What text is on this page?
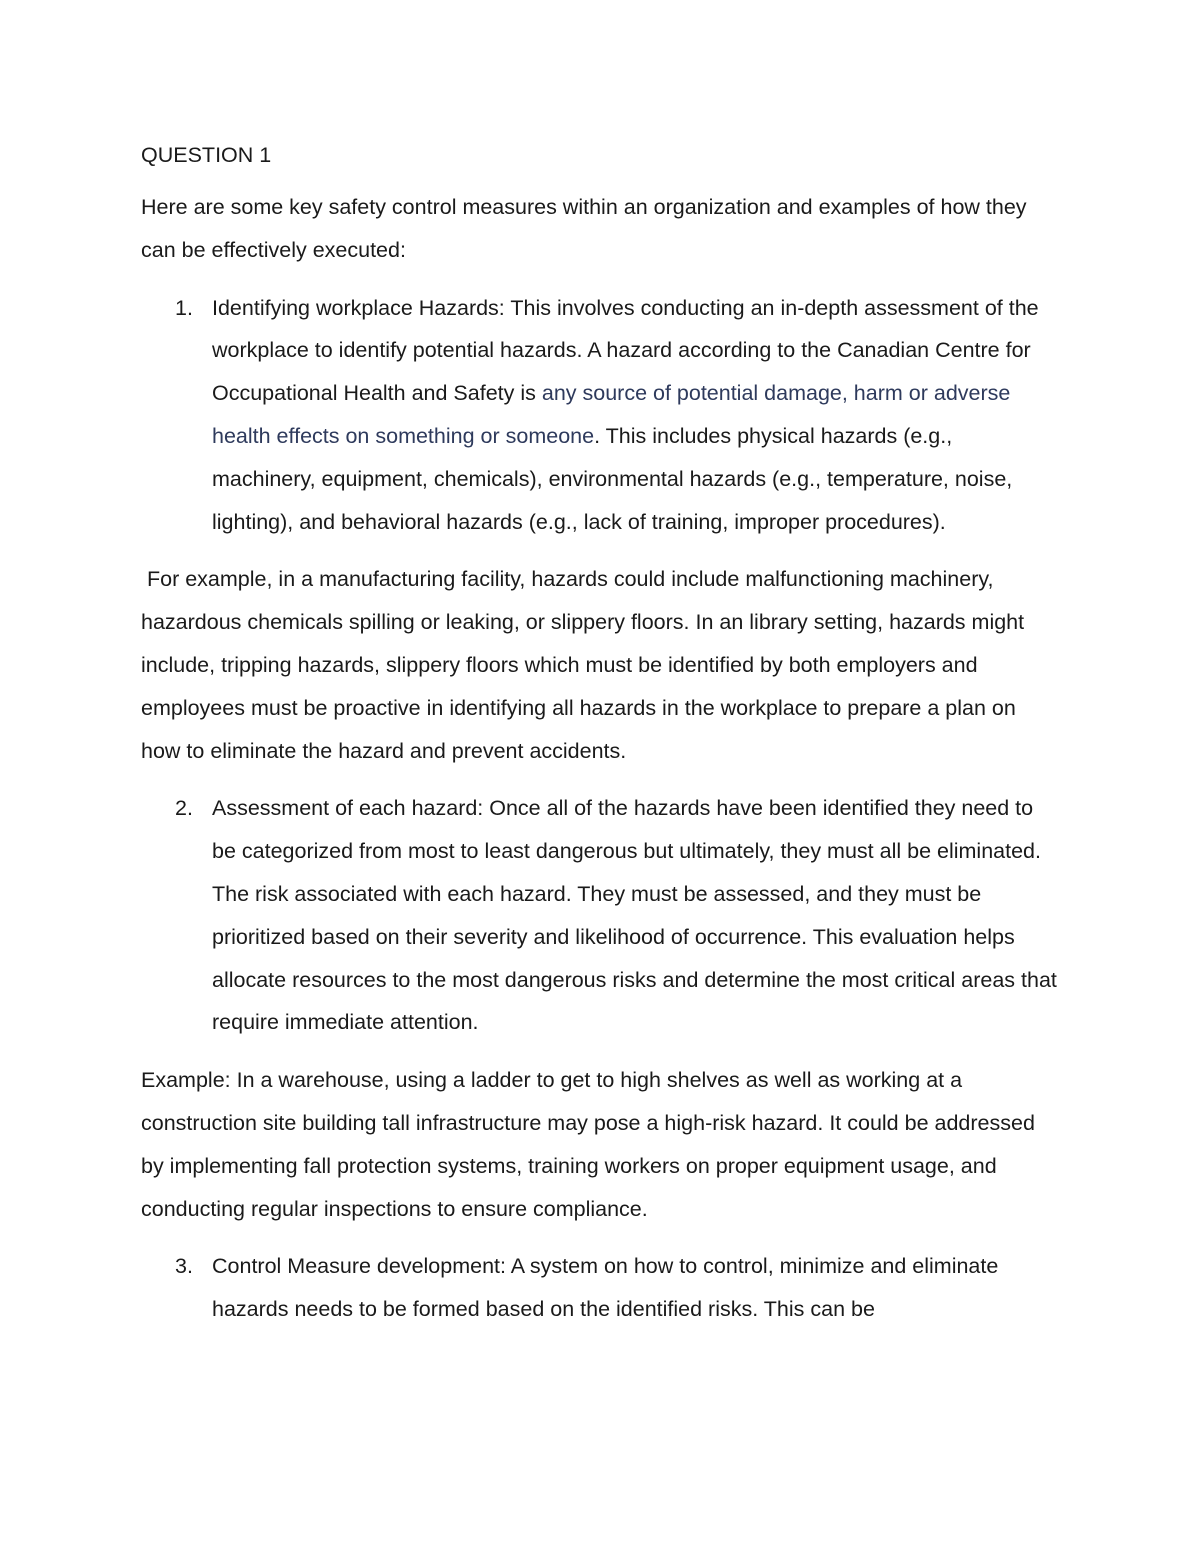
QUESTION 1

Here are some key safety control measures within an organization and examples of how they can be effectively executed:

1. Identifying workplace Hazards: This involves conducting an in-depth assessment of the workplace to identify potential hazards. A hazard according to the Canadian Centre for Occupational Health and Safety is any source of potential damage, harm or adverse health effects on something or someone. This includes physical hazards (e.g., machinery, equipment, chemicals), environmental hazards (e.g., temperature, noise, lighting), and behavioral hazards (e.g., lack of training, improper procedures).

For example, in a manufacturing facility, hazards could include malfunctioning machinery, hazardous chemicals spilling or leaking, or slippery floors. In an library setting, hazards might include, tripping hazards, slippery floors which must be identified by both employers and employees must be proactive in identifying all hazards in the workplace to prepare a plan on how to eliminate the hazard and prevent accidents.

2. Assessment of each hazard: Once all of the hazards have been identified they need to be categorized from most to least dangerous but ultimately, they must all be eliminated. The risk associated with each hazard. They must be assessed, and they must be prioritized based on their severity and likelihood of occurrence. This evaluation helps allocate resources to the most dangerous risks and determine the most critical areas that require immediate attention.

Example: In a warehouse, using a ladder to get to high shelves as well as working at a construction site building tall infrastructure may pose a high-risk hazard. It could be addressed by implementing fall protection systems, training workers on proper equipment usage, and conducting regular inspections to ensure compliance.

3. Control Measure development: A system on how to control, minimize and eliminate hazards needs to be formed based on the identified risks. This can be
